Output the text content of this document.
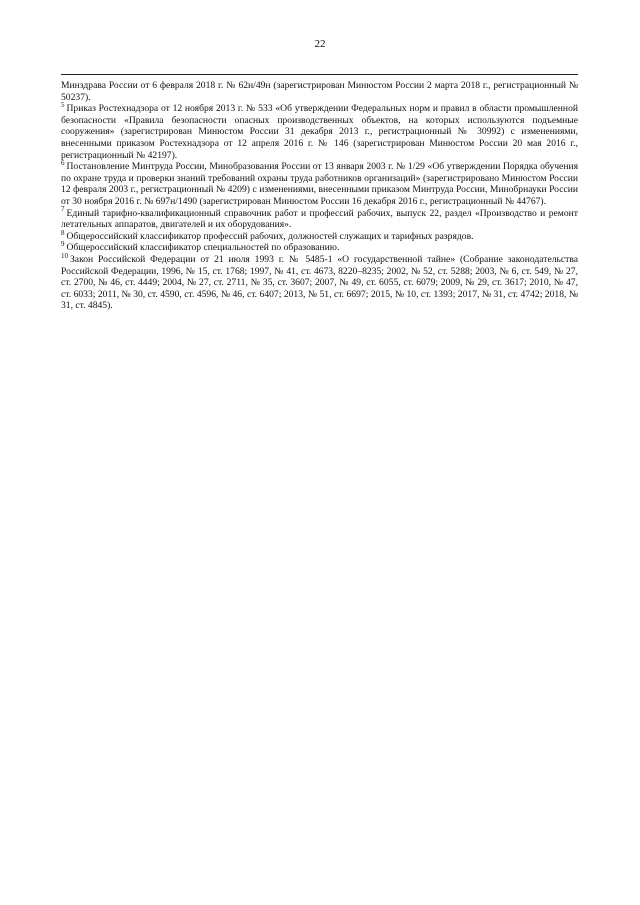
22

Минздрава России от 6 февраля 2018 г. № 62н/49н (зарегистрирован Минюстом России 2 марта 2018 г., регистрационный № 50237).

$^5$ Приказ Ростехнадзора от 12 ноября 2013 г. № 533 «Об утверждении Федеральных норм и правил в области промышленной безопасности «Правила безопасности опасных производственных объектов, на которых используются подъемные сооружения» (зарегистрирован Минюстом России 31 декабря 2013 г., регистрационный № 30992) с изменениями, внесенными приказом Ростехнадзора от 12 апреля 2016 г. № 146 (зарегистрирован Минюстом России 20 мая 2016 г., регистрационный № 42197).

$^6$ Постановление Минтруда России, Минобразования России от 13 января 2003 г. № 1/29 «Об утверждении Порядка обучения по охране труда и проверки знаний требований охраны труда работников организаций» (зарегистрировано Минюстом России 12 февраля 2003 г., регистрационный № 4209) с изменениями, внесенными приказом Минтруда России, Минобрнауки России от 30 ноября 2016 г. № 697н/1490 (зарегистрирован Минюстом России 16 декабря 2016 г., регистрационный № 44767).

$^7$ Единый тарифно-квалификационный справочник работ и профессий рабочих, выпуск 22, раздел «Производство и ремонт летательных аппаратов, двигателей и их оборудования».

$^8$ Общероссийский классификатор профессий рабочих, должностей служащих и тарифных разрядов.

$^9$ Общероссийский классификатор специальностей по образованию.

$^{10}$ Закон Российской Федерации от 21 июля 1993 г. № 5485-1 «О государственной тайне» (Собрание законодательства Российской Федерации, 1996, № 15, ст. 1768; 1997, № 41, ст. 4673, 8220–8235; 2002, № 52, ст. 5288; 2003, № 6, ст. 549, № 27, ст. 2700, № 46, ст. 4449; 2004, № 27, ст. 2711, № 35, ст. 3607; 2007, № 49, ст. 6055, ст. 6079; 2009, № 29, ст. 3617; 2010, № 47, ст. 6033; 2011, № 30, ст. 4590, ст. 4596, № 46, ст. 6407; 2013, № 51, ст. 6697; 2015, № 10, ст. 1393; 2017, № 31, ст. 4742; 2018, № 31, ст. 4845).
